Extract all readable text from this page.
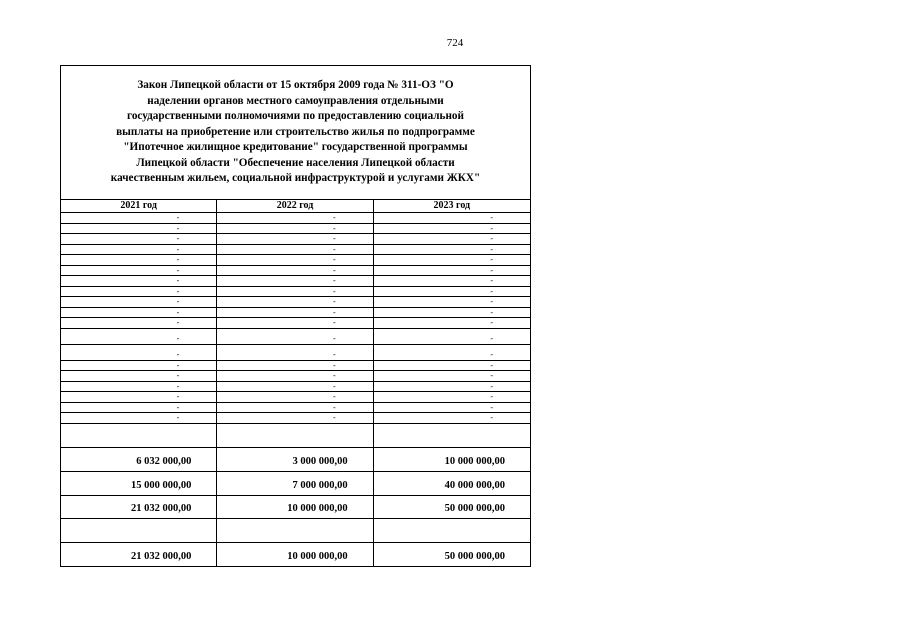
724
Закон Липецкой области от 15 октября 2009 года № 311-ОЗ "О
наделении органов местного самоуправления отдельными
государственными полномочиями по предоставлению социальной
выплаты на приобретение или строительство жилья по подпрограмме
"Ипотечное жилищное кредитование" государственной программы
Липецкой области "Обеспечение населения Липецкой области
качественным жильем, социальной инфраструктурой и услугами ЖКХ"
2021 год	2022 год	2023 год
-	-	-
-	-	-
-	-	-
-	-	-
-	-	-
-	-	-
-	-	-
-	-	-
-	-	-
-	-	-
-	-	-
-	-	-
-	-	-
-	-	-
-	-	-
-	-	-
-	-	-
-	-	-
-	-	-
6 032 000,00	3 000 000,00	10 000 000,00
15 000 000,00	7 000 000,00	40 000 000,00
21 032 000,00	10 000 000,00	50 000 000,00
21 032 000,00	10 000 000,00	50 000 000,00
